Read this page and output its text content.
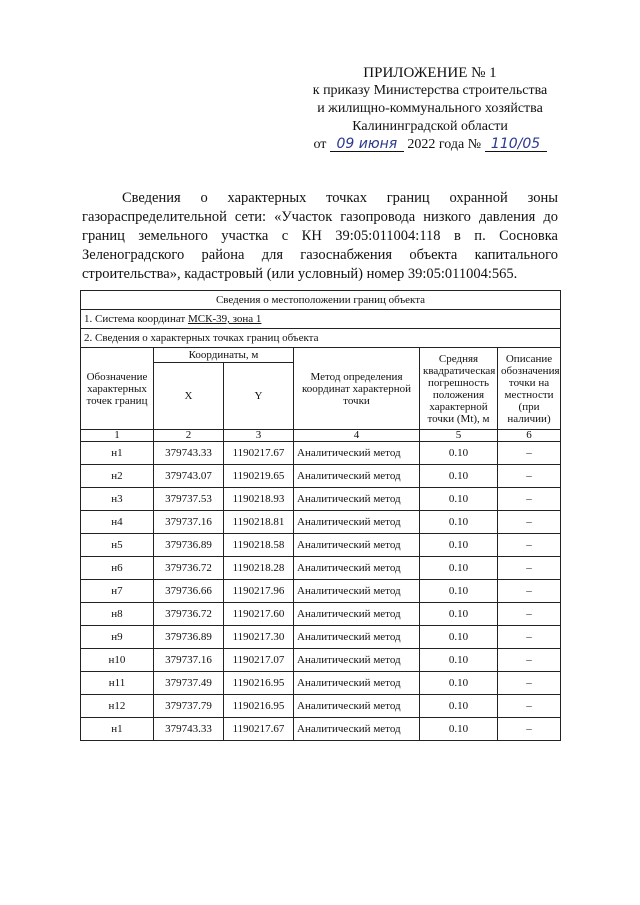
ПРИЛОЖЕНИЕ № 1
к приказу Министерства строительства
и жилищно-коммунального хозяйства
Калининградской области
от 09 июня 2022 года № 110/05
Сведения о характерных точках границ охранной зоны газораспределительной сети: «Участок газопровода низкого давления до границ земельного участка с КН 39:05:011004:118 в п. Сосновка Зеленоградского района для газоснабжения объекта капитального строительства», кадастровый (или условный) номер 39:05:011004:565.
Сведения о местоположении границ объекта					
1. Система координат МСК-39, зона 1					
2. Сведения о характерных точках границ объекта					
Обозначение характерных точек границ	Координаты, м		Метод определения координат характерной точки	Средняя квадратическая погрешность положения характерной точки (Mt), м	Описание обозначения точки на местности (при наличии)
	X	Y			
1	2	3	4	5	6
н1	379743.33	1190217.67	Аналитический метод	0.10	–
н2	379743.07	1190219.65	Аналитический метод	0.10	–
н3	379737.53	1190218.93	Аналитический метод	0.10	–
н4	379737.16	1190218.81	Аналитический метод	0.10	–
н5	379736.89	1190218.58	Аналитический метод	0.10	–
н6	379736.72	1190218.28	Аналитический метод	0.10	–
н7	379736.66	1190217.96	Аналитический метод	0.10	–
н8	379736.72	1190217.60	Аналитический метод	0.10	–
н9	379736.89	1190217.30	Аналитический метод	0.10	–
н10	379737.16	1190217.07	Аналитический метод	0.10	–
н11	379737.49	1190216.95	Аналитический метод	0.10	–
н12	379737.79	1190216.95	Аналитический метод	0.10	–
н1	379743.33	1190217.67	Аналитический метод	0.10	–
